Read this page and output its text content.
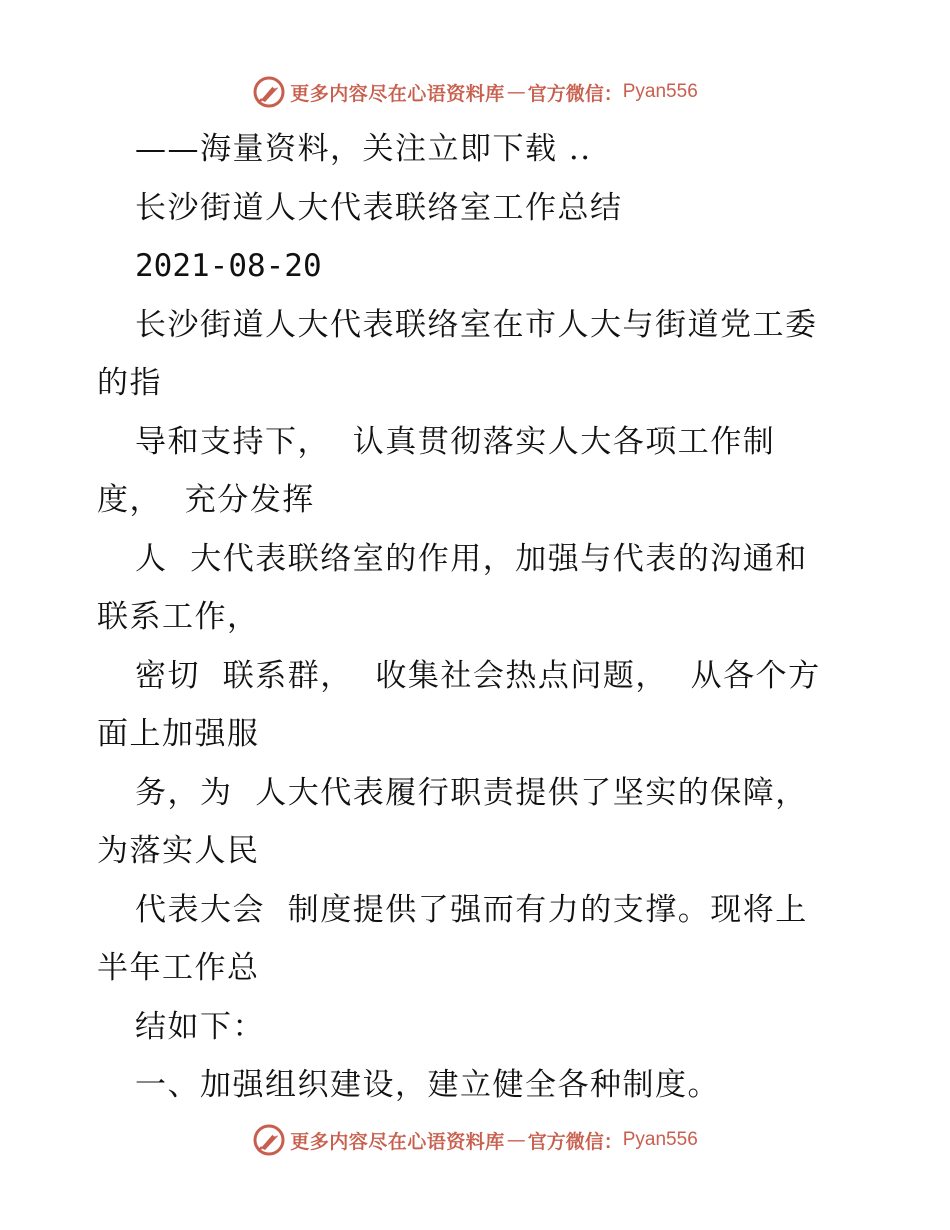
更多内容尽在心语资料库 — 官方微信： Pyan556
——海量资料，关注立即下载 ..
长沙街道人大代表联络室工作总结
2021-08-20
长沙街道人大代表联络室在市人大与街道党工委
的指
导和支持下，  认真贯彻落实人大各项工作制
度，  充分发挥
人  大代表联络室的作用，加强与代表的沟通和
联系工作，
密切  联系群，  收集社会热点问题，  从各个方
面上加强服
务，为  人大代表履行职责提供了坚实的保障，
为落实人民
代表大会  制度提供了强而有力的支撑。现将上
半年工作总
结如下：
一、加强组织建设，建立健全各种制度。
更多内容尽在心语资料库 — 官方微信： Pyan556
